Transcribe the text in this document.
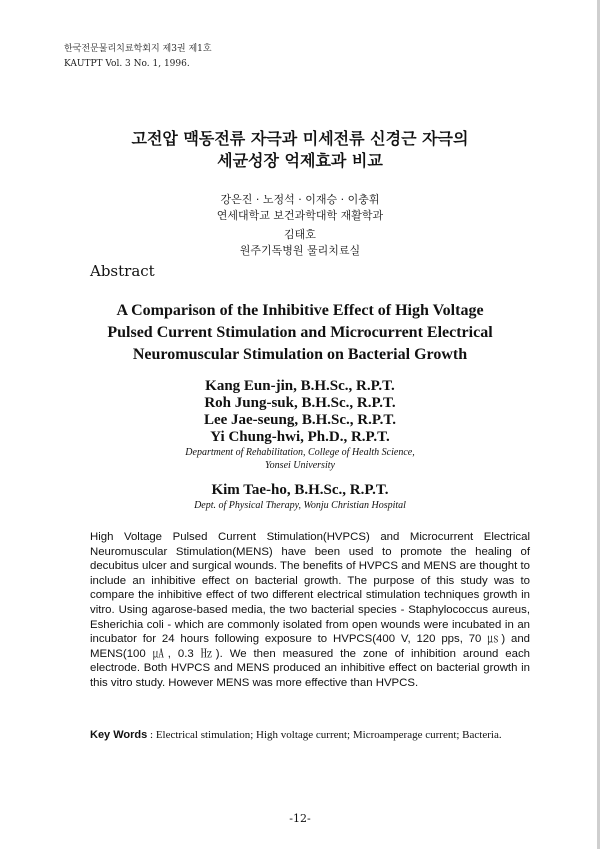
한국전문물리치료학회지 제3권 제1호
KAUTPT Vol. 3 No. 1, 1996.
고전압 맥동전류 자극과 미세전류 신경근 자극의
세균성장 억제효과 비교
강은진 · 노정석 · 이재승 · 이충휘
연세대학교 보건과학대학 재활학과
김태호
원주기독병원 물리치료실
Abstract
A Comparison of the Inhibitive Effect of High Voltage
Pulsed Current Stimulation and Microcurrent Electrical
Neuromuscular Stimulation on Bacterial Growth
Kang Eun-jin, B.H.Sc., R.P.T.
Roh Jung-suk, B.H.Sc., R.P.T.
Lee Jae-seung, B.H.Sc., R.P.T.
Yi Chung-hwi, Ph.D., R.P.T.
Department of Rehabilitation, College of Health Science,
Yonsei University
Kim Tae-ho, B.H.Sc., R.P.T.
Dept. of Physical Therapy, Wonju Christian Hospital
High Voltage Pulsed Current Stimulation(HVPCS) and Microcurrent Electrical Neuromuscular Stimulation(MENS) have been used to promote the healing of decubitus ulcer and surgical wounds. The benefits of HVPCS and MENS are thought to include an inhibitive effect on bacterial growth. The purpose of this study was to compare the inhibitive effect of two different electrical stimulation techniques growth in vitro. Using agarose-based media, the two bacterial species - Staphylococcus aureus, Esherichia coli - which are commonly isolated from open wounds were incubated in an incubator for 24 hours following exposure to HVPCS(400 V, 120 pps, 70 ㎲) and MENS(100 ㎂, 0.3 ㎐). We then measured the zone of inhibition around each electrode. Both HVPCS and MENS produced an inhibitive effect on bacterial growth in this vitro study. However MENS was more effective than HVPCS.
Key Words : Electrical stimulation; High voltage current; Microamperage current; Bacteria.
-12-
